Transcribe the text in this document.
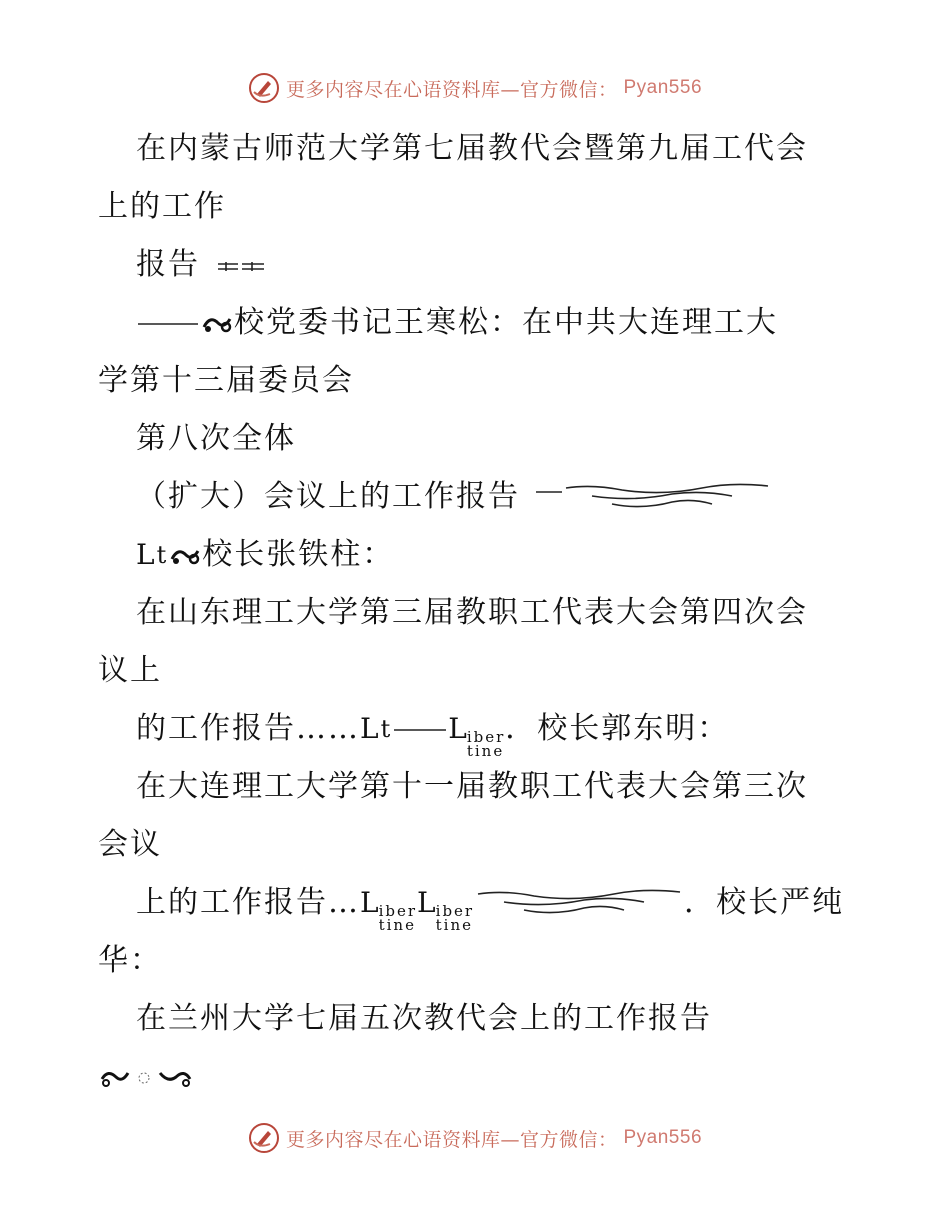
更多内容尽在心语资料库—官方微信： Pyan556
在内蒙古师范大学第七届教代会暨第九届工代会
上的工作
报告
校党委书记王寒松：在中共大连理工大
学第十三届委员会
第八次全体
（扩大）会议上的工作报告
L t 校长张铁柱：
在山东理工大学第三届教职工代表大会第四次会
议上
的工作报告…… L t L
iber
tine
．校长郭东明：
在大连理工大学第十一届教职工代表大会第三次
会议
上的工作报告… L
iber
tine
L
iber
tine
．校长严纯
华：
在兰州大学七届五次教代会上的工作报告
更多内容尽在心语资料库—官方微信： Pyan556
